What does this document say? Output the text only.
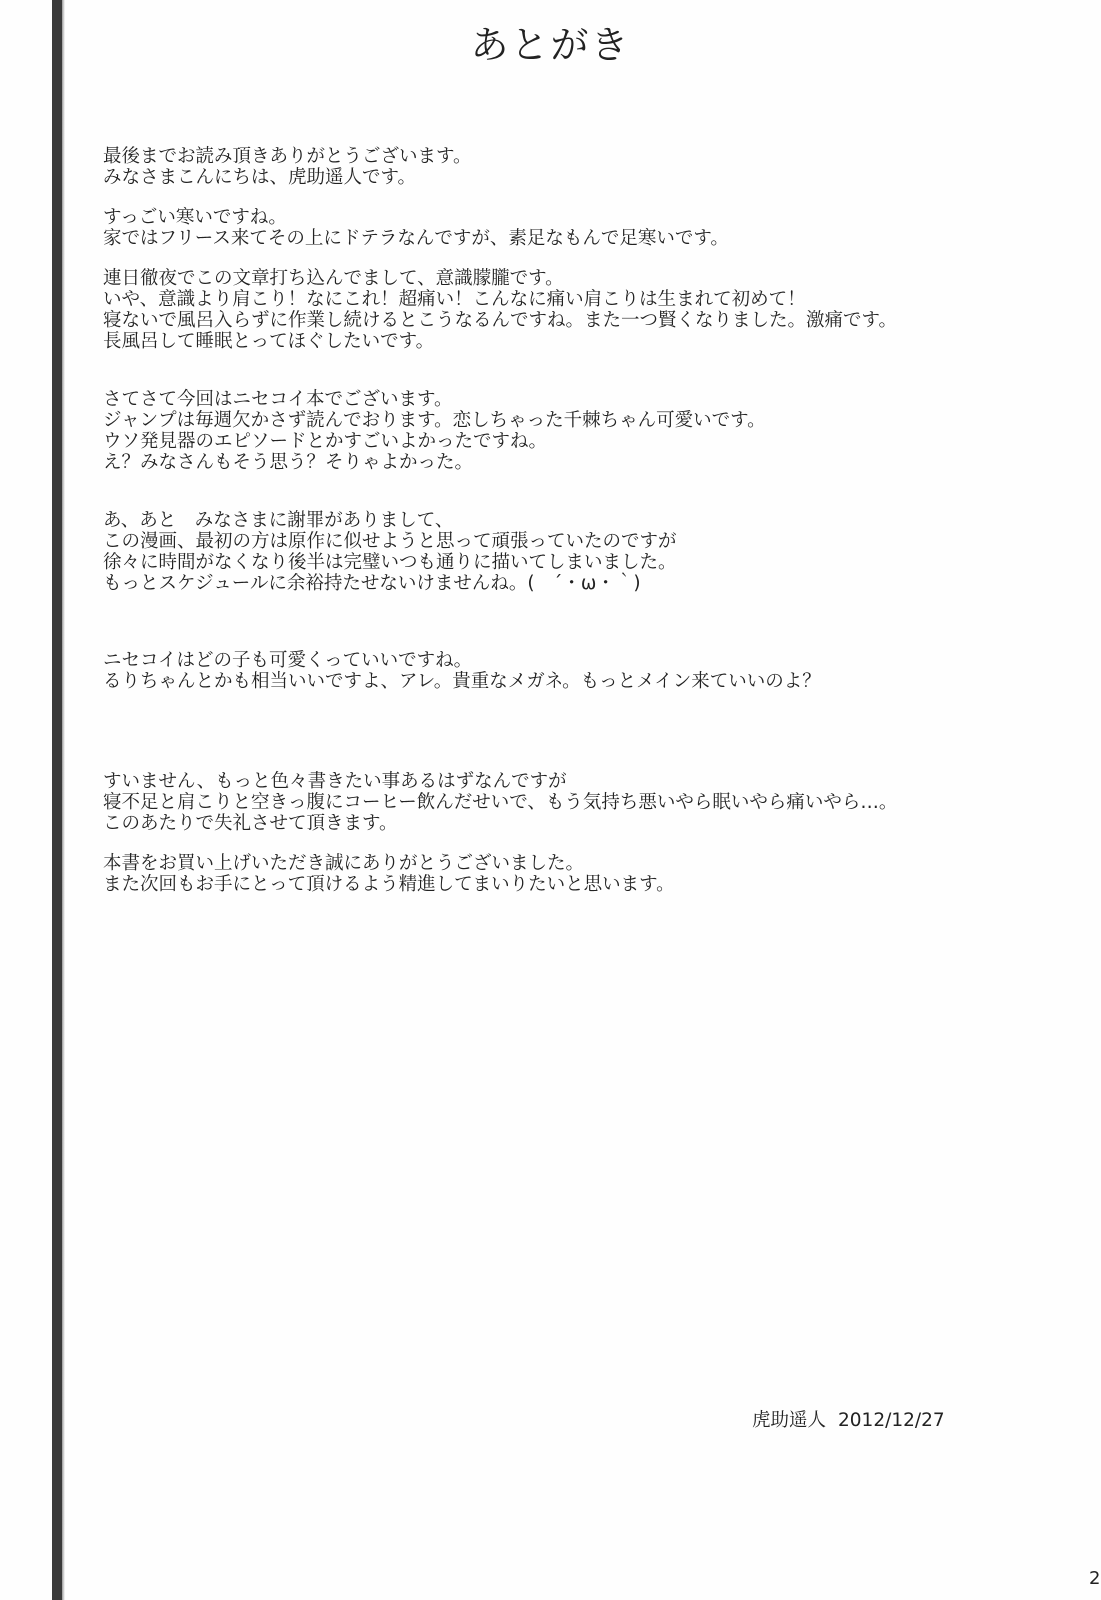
あとがき
最後までお読み頂きありがとうございます。
みなさまこんにちは、虎助遥人です。
すっごい寒いですね。
家ではフリース来てその上にドテラなんですが、素足なもんで足寒いです。
連日徹夜でこの文章打ち込んでまして、意識朦朧です。
いや、意識より肩こり！なにこれ！超痛い！こんなに痛い肩こりは生まれて初めて！
寝ないで風呂入らずに作業し続けるとこうなるんですね。また一つ賢くなりました。激痛です。
長風呂して睡眠とってほぐしたいです。
さてさて今回はニセコイ本でございます。
ジャンプは毎週欠かさず読んでおります。恋しちゃった千棘ちゃん可愛いです。
ウソ発見器のエピソードとかすごいよかったですね。
え？みなさんもそう思う？そりゃよかった。
あ、あと　みなさまに謝罪がありまして、
この漫画、最初の方は原作に似せようと思って頑張っていたのですが
徐々に時間がなくなり後半は完璧いつも通りに描いてしまいました。
もっとスケジュールに余裕持たせないけませんね。(　´・ω・｀)
ニセコイはどの子も可愛くっていいですね。
るりちゃんとかも相当いいですよ、アレ。貴重なメガネ。もっとメイン来ていいのよ？
すいません、もっと色々書きたい事あるはずなんですが
寝不足と肩こりと空きっ腹にコーヒー飲んだせいで、もう気持ち悪いやら眠いやら痛いやら…。
このあたりで失礼させて頂きます。
本書をお買い上げいただき誠にありがとうございました。
また次回もお手にとって頂けるよう精進してまいりたいと思います。
虎助遥人 2012/12/27
2
